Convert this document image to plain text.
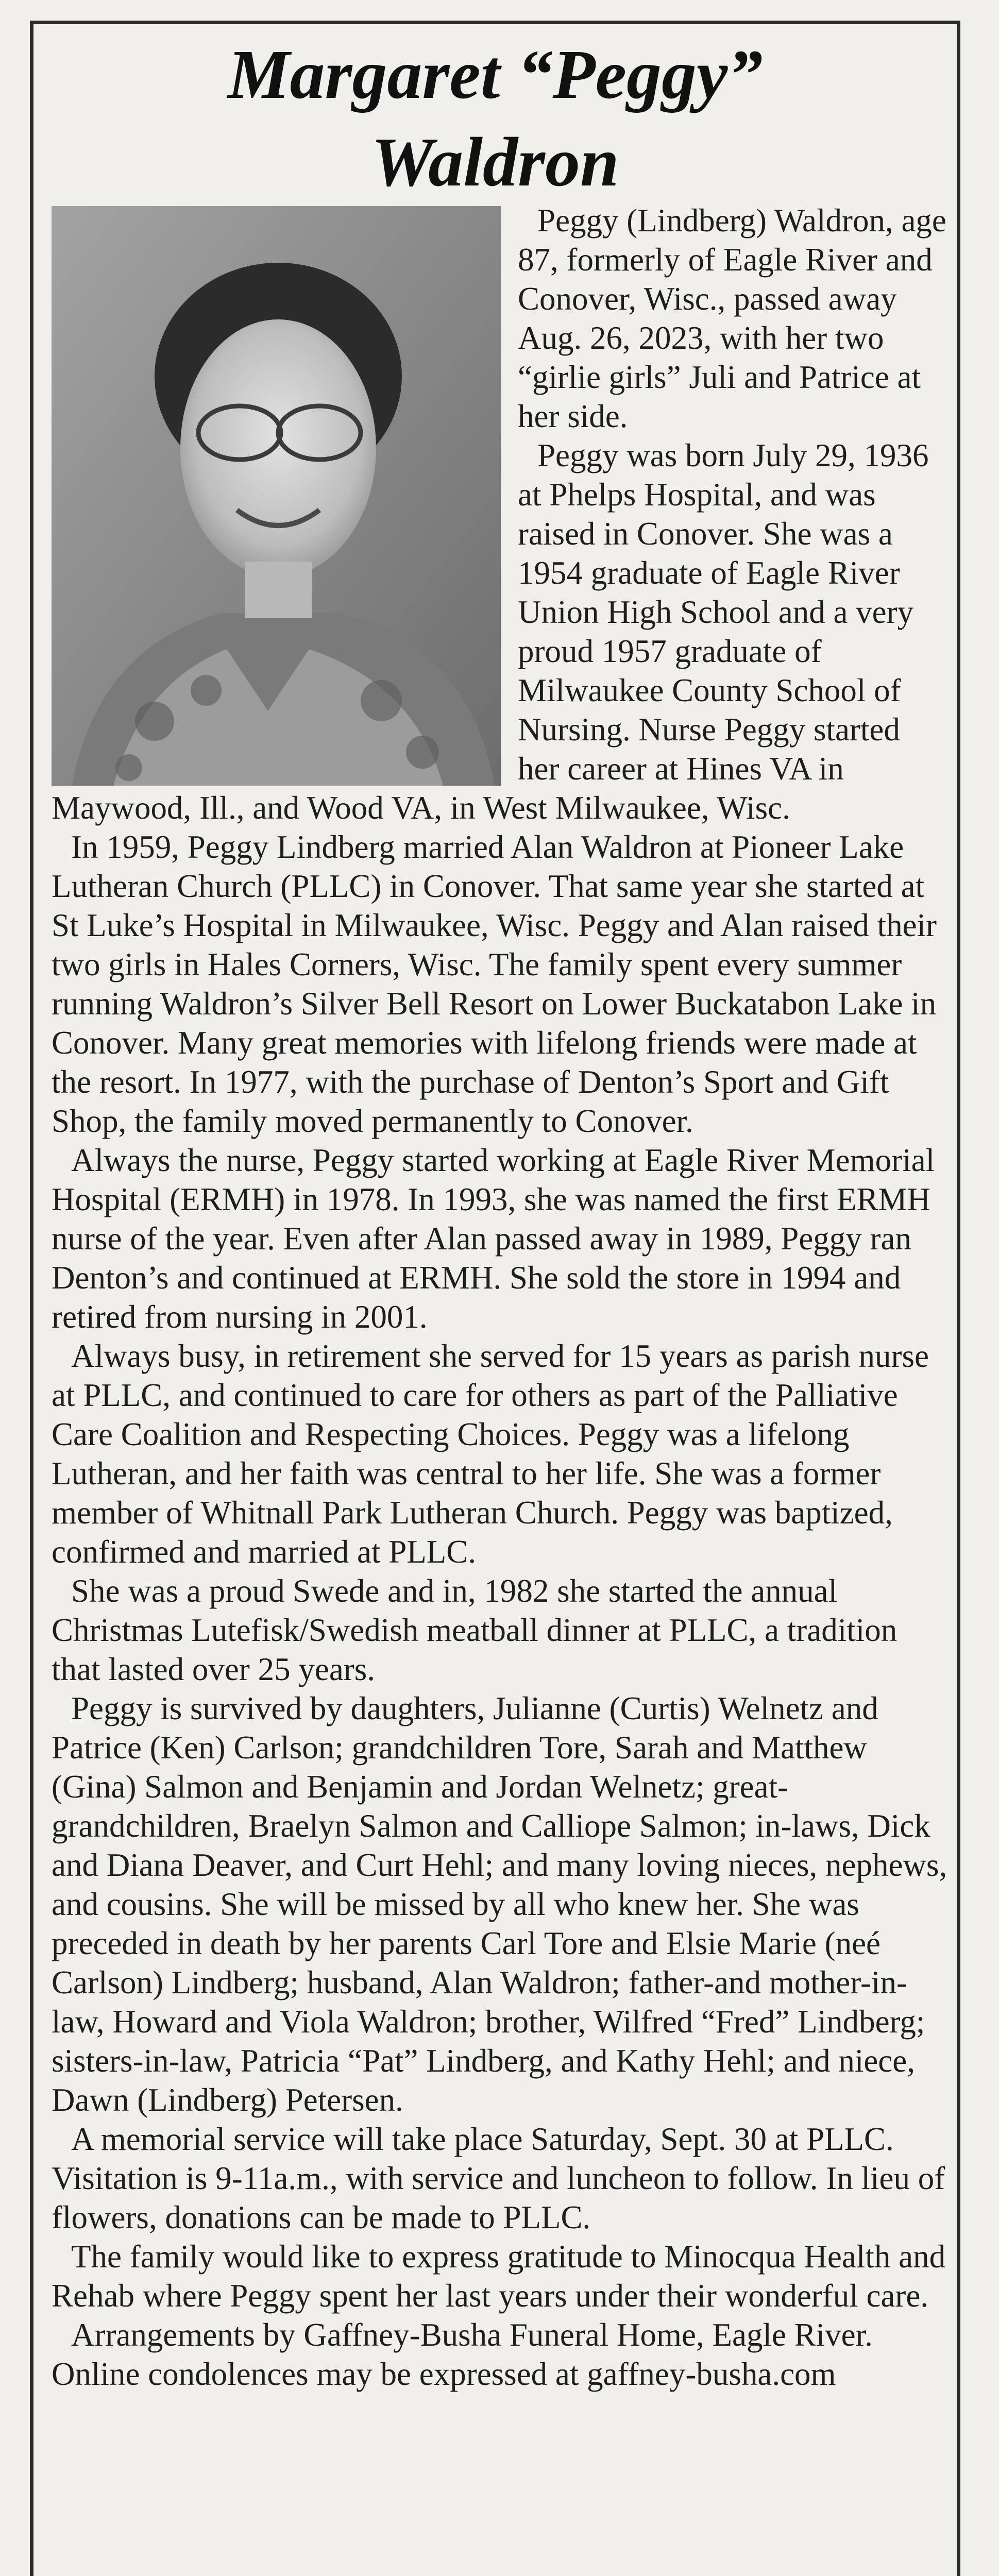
Margaret “Peggy”
Waldron

Peggy (Lindberg) Waldron, age 87, formerly of Eagle River and Conover, Wisc., passed away Aug. 26, 2023, with her two “girlie girls” Juli and Patrice at her side.

Peggy was born July 29, 1936 at Phelps Hospital, and was raised in Conover. She was a 1954 graduate of Eagle River Union High School and a very proud 1957 graduate of Milwaukee County School of Nursing. Nurse Peggy started her career at Hines VA in Maywood, Ill., and Wood VA, in West Milwaukee, Wisc.

In 1959, Peggy Lindberg married Alan Waldron at Pioneer Lake Lutheran Church (PLLC) in Conover. That same year she started at St Luke’s Hospital in Milwaukee, Wisc. Peggy and Alan raised their two girls in Hales Corners, Wisc. The family spent every summer running Waldron’s Silver Bell Resort on Lower Buckatabon Lake in Conover. Many great memories with lifelong friends were made at the resort. In 1977, with the purchase of Denton’s Sport and Gift Shop, the family moved permanently to Conover.

Always the nurse, Peggy started working at Eagle River Memorial Hospital (ERMH) in 1978. In 1993, she was named the first ERMH nurse of the year. Even after Alan passed away in 1989, Peggy ran Denton’s and continued at ERMH. She sold the store in 1994 and retired from nursing in 2001.

Always busy, in retirement she served for 15 years as parish nurse at PLLC, and continued to care for others as part of the Palliative Care Coalition and Respecting Choices. Peggy was a lifelong Lutheran, and her faith was central to her life. She was a former member of Whitnall Park Lutheran Church. Peggy was baptized, confirmed and married at PLLC.

She was a proud Swede and in, 1982 she started the annual Christmas Lutefisk/Swedish meatball dinner at PLLC, a tradition that lasted over 25 years.

Peggy is survived by daughters, Julianne (Curtis) Welnetz and Patrice (Ken) Carlson; grandchildren Tore, Sarah and Matthew (Gina) Salmon and Benjamin and Jordan Welnetz; great-grandchildren, Braelyn Salmon and Calliope Salmon; in-laws, Dick and Diana Deaver, and Curt Hehl; and many loving nieces, nephews, and cousins. She will be missed by all who knew her. She was preceded in death by her parents Carl Tore and Elsie Marie (neé Carlson) Lindberg; husband, Alan Waldron; father-and mother-in-law, Howard and Viola Waldron; brother, Wilfred “Fred” Lindberg; sisters-in-law, Patricia “Pat” Lindberg, and Kathy Hehl; and niece, Dawn (Lindberg) Petersen.

A memorial service will take place Saturday, Sept. 30 at PLLC. Visitation is 9-11a.m., with service and luncheon to follow. In lieu of flowers, donations can be made to PLLC.

The family would like to express gratitude to Minocqua Health and Rehab where Peggy spent her last years under their wonderful care.

Arrangements by Gaffney-Busha Funeral Home, Eagle River. Online condolences may be expressed at gaffney-busha.com
